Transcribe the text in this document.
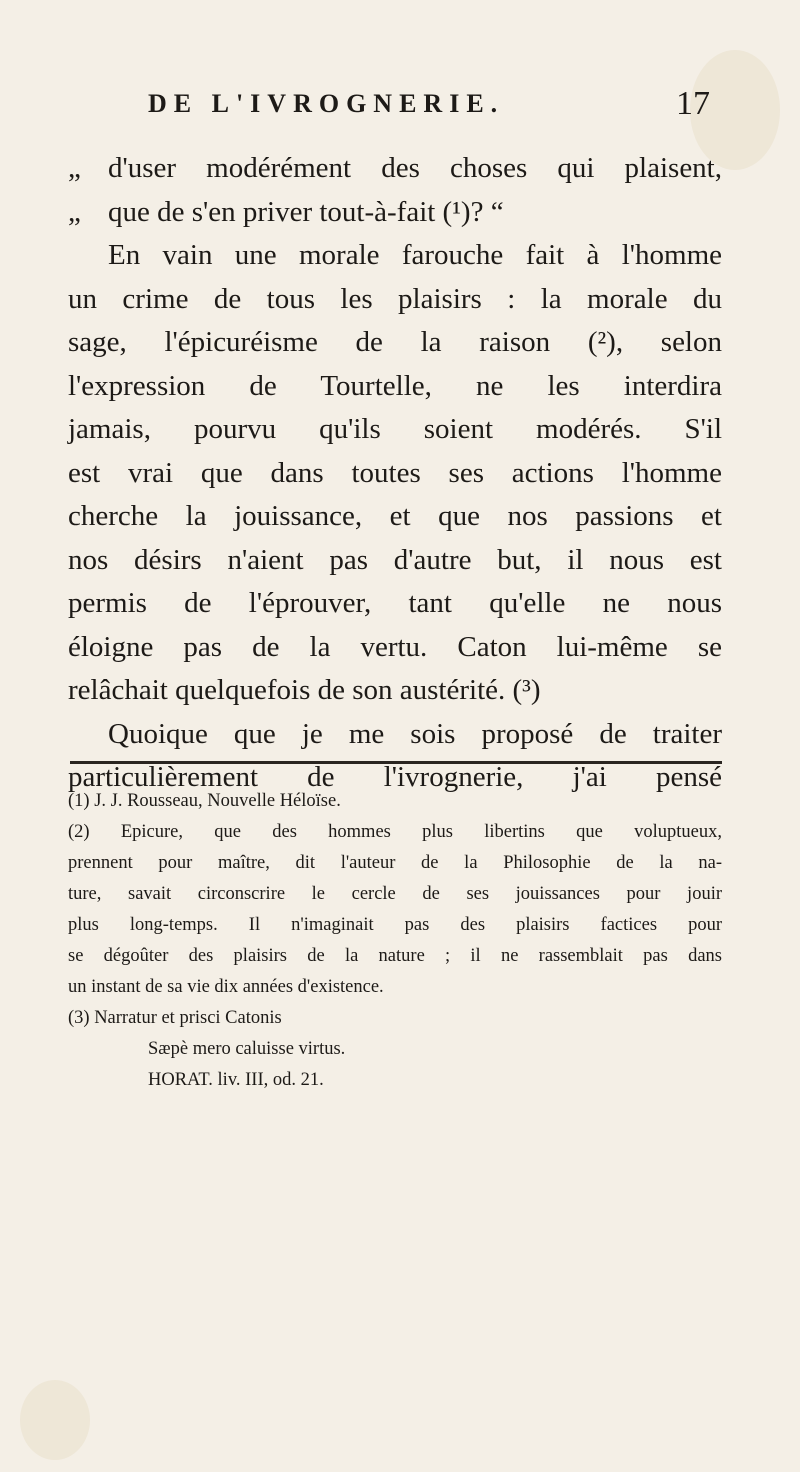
DE L'IVROGNERIE.	17
„ d'user modérément des choses qui plaisent,
„ que de s'en priver tout-à-fait (¹)? “
En vain une morale farouche fait à l'homme
un crime de tous les plaisirs : la morale du
sage, l'épicuréisme de la raison (²), selon
l'expression de Tourtelle, ne les interdira
jamais, pourvu qu'ils soient modérés. S'il
est vrai que dans toutes ses actions l'homme
cherche la jouissance, et que nos passions et
nos désirs n'aient pas d'autre but, il nous est
permis de l'éprouver, tant qu'elle ne nous
éloigne pas de la vertu. Caton lui-même se
relâchait quelquefois de son austérité. (³)
Quoique que je me sois proposé de traiter
particulièrement de l'ivrognerie, j'ai pensé
(1) J. J. Rousseau, Nouvelle Héloïse.
(2) Epicure, que des hommes plus libertins que voluptueux,
prennent pour maître, dit l'auteur de la Philosophie de la na-
ture, savait circonscrire le cercle de ses jouissances pour jouir
plus long-temps. Il n'imaginait pas des plaisirs factices pour
se dégoûter des plaisirs de la nature ; il ne rassemblait pas dans
un instant de sa vie dix années d'existence.
(3) Narratur et prisci Catonis
Sæpè mero caluisse virtus.
HORAT. liv. III, od. 21.
